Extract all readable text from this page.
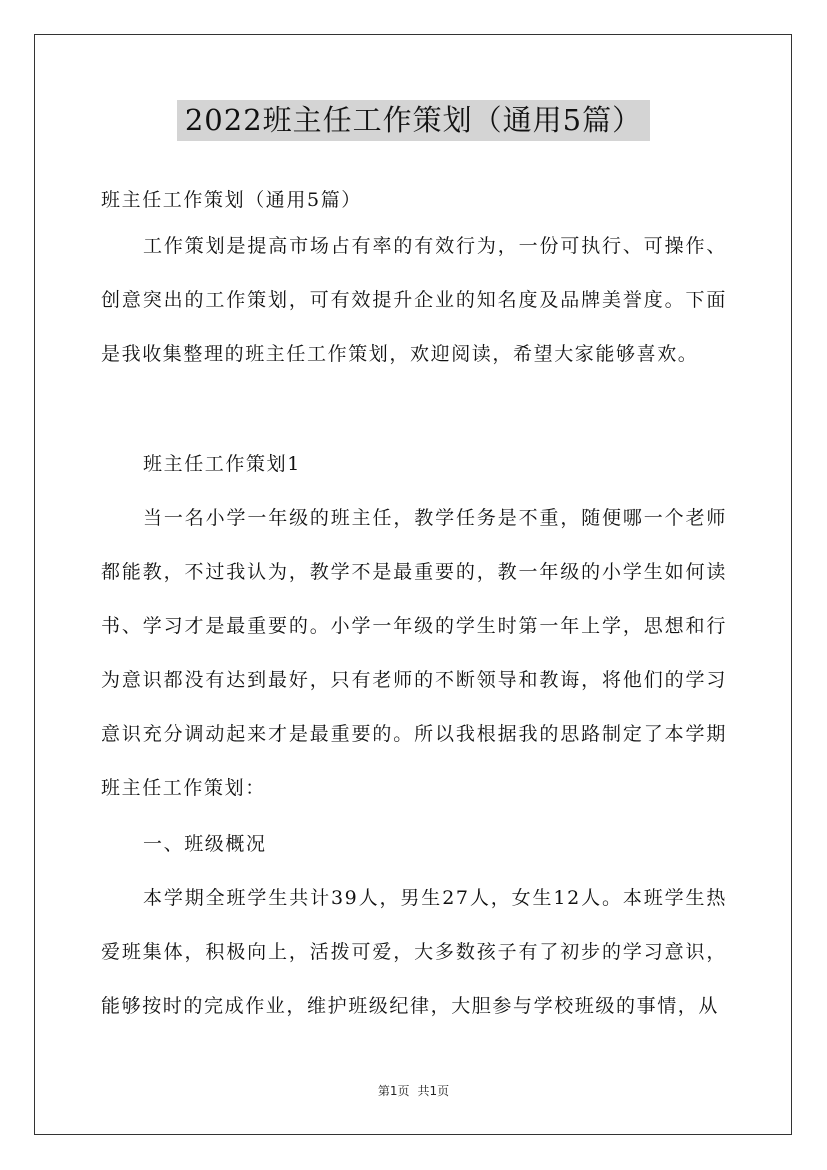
2022班主任工作策划（通用5篇）

班主任工作策划（通用5篇）

工作策划是提高市场占有率的有效行为，一份可执行、可操作、创意突出的工作策划，可有效提升企业的知名度及品牌美誉度。下面是我收集整理的班主任工作策划，欢迎阅读，希望大家能够喜欢。

班主任工作策划1

当一名小学一年级的班主任，教学任务是不重，随便哪一个老师都能教，不过我认为，教学不是最重要的，教一年级的小学生如何读书、学习才是最重要的。小学一年级的学生时第一年上学，思想和行为意识都没有达到最好，只有老师的不断领导和教诲，将他们的学习意识充分调动起来才是最重要的。所以我根据我的思路制定了本学期班主任工作策划：

一、班级概况

本学期全班学生共计39人，男生27人，女生12人。本班学生热爱班集体，积极向上，活拨可爱，大多数孩子有了初步的学习意识，能够按时的完成作业，维护班级纪律，大胆参与学校班级的事情，从

第1页 共1页
